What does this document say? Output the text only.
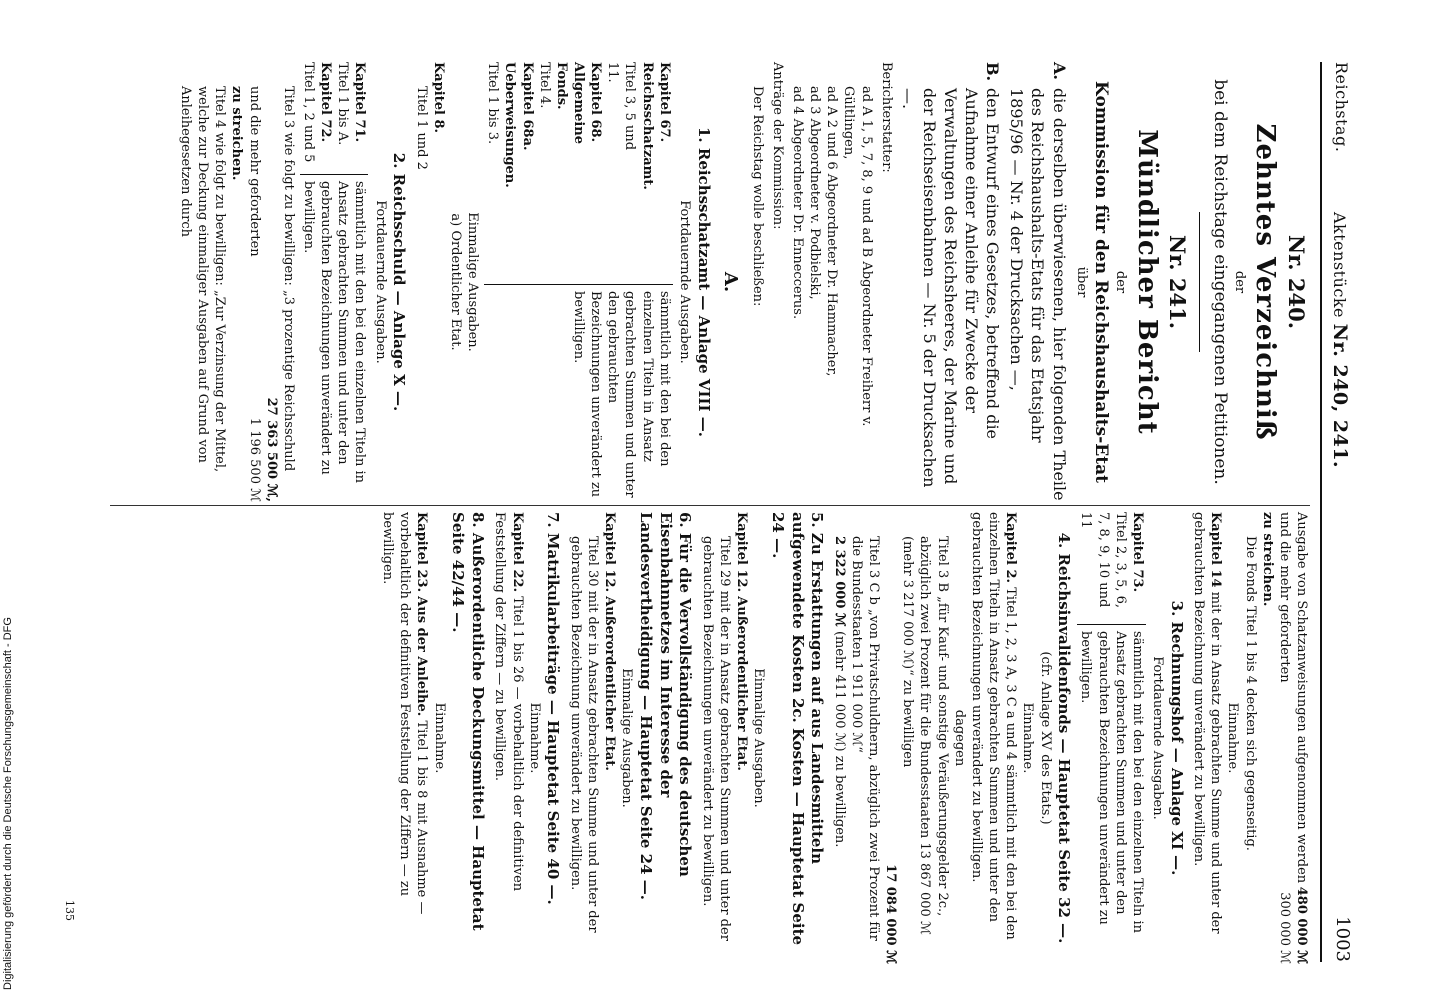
Reichstag.
Aktenstücke Nr. 240, 241.
1003
Nr. 240.
Zehntes Verzeichniß
der
bei dem Reichstage eingegangenen Petitionen.
Nr. 241.
Mündlicher Bericht
der
Kommission für den Reichshaushalts-Etat
über
A.
die derselben überwiesenen, hier folgenden Theile des Reichshaushalts-Etats für das Etatsjahr 1895/96 — Nr. 4 der Drucksachen —,
B.
den Entwurf eines Gesetzes, betreffend die Aufnahme einer Anleihe für Zwecke der Verwaltungen des Reichsheeres, der Marine und der Reichseisenbahnen — Nr. 5 der Drucksachen —.
Berichterstatter:
ad A 1, 5, 7, 8, 9 und ad B Abgeordneter Freiherr v. Gültlingen,
ad A 2 und 6 Abgeordneter Dr. Hammacher,
ad 3 Abgeordneter v. Podbielski,
ad 4 Abgeordneter Dr. Enneccerus.
Anträge der Kommission:
Der Reichstag wolle beschließen:
A.
1. Reichsschatzamt — Anlage VIII —.
Fortdauernde Ausgaben.
Kapitel 67. Reichsschatzamt.
Titel 3, 5 und 11.
Kapitel 68. Allgemeine Fonds.
Titel 4.
Kapitel 68a. Ueberweisungen.
Titel 1 bis 3.
sämmtlich mit den bei den einzelnen Titeln in Ansatz gebrachten Summen und unter den gebrauchten Bezeichnungen unverändert zu bewilligen.
Einmalige Ausgaben.
a) Ordentlicher Etat.
Kapitel 8.
Titel 1 und 2
2. Reichsschuld — Anlage X —.
Fortdauernde Ausgaben.
Kapitel 71.
Titel 1 bis A.
Kapitel 72.
Titel 1, 2 und 5
sämmtlich mit den bei den einzelnen Titeln in Ansatz gebrachten Summen und unter den gebrauchten Bezeichnungen unverändert zu bewilligen.
Titel 3 wie folgt zu bewilligen: „3 prozentige Reichsschuld
27 363 500 ℳ,
und die mehr geforderten
1 196 500 ℳ
zu streichen.
Titel 4 wie folgt zu bewilligen: „Zur Verzinsung der Mittel, welche zur Deckung einmaliger Ausgaben auf Grund von Anleihegesetzen durch
Ausgabe von Schatzanweisungen aufgenommen werden
480 000 ℳ
und die mehr geforderten
300 000 ℳ
zu streichen.
Die Fonds Titel 1 bis 4 decken sich gegenseitig.
Einnahme.
Kapitel 14 mit der in Ansatz gebrachten Summe und unter der gebrauchten Bezeichnung unverändert zu bewilligen.
3. Rechnungshof — Anlage XI —.
Fortdauernde Ausgaben.
Kapitel 73.
Titel 2, 3, 5, 6, 7, 8, 9, 10 und 11
sämmtlich mit den bei den einzelnen Titeln in Ansatz gebrachten Summen und unter den gebrauchten Bezeichnungen unverändert zu bewilligen.
4. Reichsinvalidenfonds — Hauptetat Seite 32 —.
(cfr. Anlage XV des Etats.)
Einnahme.
Kapitel 2. Titel 1, 2, 3 A, 3 C a und 4 sämmtlich mit den bei den einzelnen Titeln in Ansatz gebrachten Summen und unter den gebrauchten Bezeichnungen unverändert zu bewilligen.
dagegen
Titel 3 B „für Kauf- und sonstige Veräußerungsgelder 2c., abzüglich zwei Prozent für die Bundesstaaten 13 867 000 ℳ (mehr 3 217 000 ℳ)“ zu bewilligen
17 084 000 ℳ
Titel 3 C b „von Privatschuldnern, abzüglich zwei Prozent für die Bundesstaaten 1 911 000 ℳ“
2 322 000 ℳ (mehr 411 000 ℳ) zu bewilligen.
5. Zu Erstattungen auf aus Landesmitteln aufgewendete Kosten 2c. Kosten — Hauptetat Seite 24 —.
Einmalige Ausgaben.
Kapitel 12. Außerordentlicher Etat.
Titel 29 mit der in Ansatz gebrachten Summen und unter der gebrauchten Bezeichnungen unverändert zu bewilligen.
6. Für die Vervollständigung des deutschen Eisenbahnnetzes im Interesse der Landesvertheidigung — Hauptetat Seite 24 —.
Einmalige Ausgaben.
Kapitel 12. Außerordentlicher Etat.
Titel 30 mit der in Ansatz gebrachten Summe und unter der gebrauchten Bezeichnung unverändert zu bewilligen.
7. Matrikularbeiträge — Hauptetat Seite 40 —.
Einnahme.
Kapitel 22. Titel 1 bis 26 — vorbehaltlich der definitiven Feststellung der Ziffern — zu bewilligen.
8. Außerordentliche Deckungsmittel — Hauptetat Seite 42/44 —.
Einnahme.
Kapitel 23. Aus der Anleihe. Titel 1 bis 8 mit Ausnahme — vorbehaltlich der definitiven Feststellung der Ziffern — zu bewilligen.
135
Digitalisierung gefördert durch die Deutsche Forschungsgemeinschaft - DFG
